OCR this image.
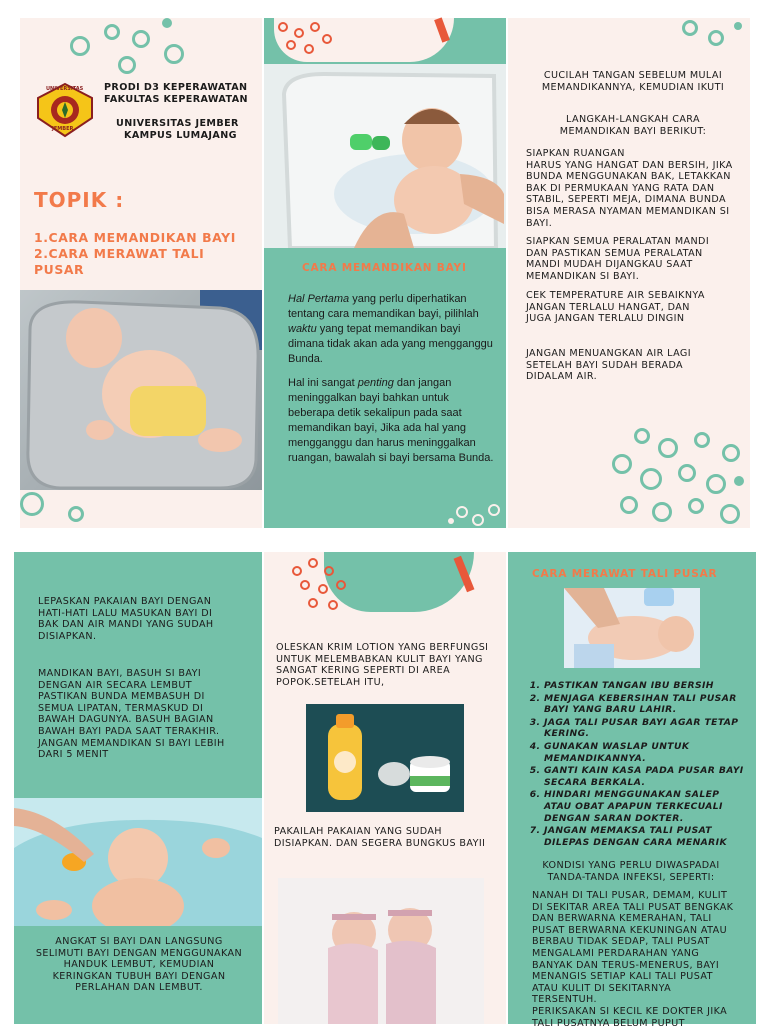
UNIVERSITAS
JEMBER
PRODI D3 KEPERAWATAN
FAKULTAS KEPERAWATAN
UNIVERSITAS JEMBER
KAMPUS LUMAJANG
TOPIK :
1.CARA MEMANDIKAN BAYI
2.CARA MERAWAT TALI PUSAR	CARA MEMANDIKAN BAYI
Hal Pertama yang perlu diperhatikan tentang cara memandikan bayi, pilihlah waktu yang tepat memandikan bayi dimana tidak akan ada yang mengganggu Bunda.
Hal ini sangat penting dan jangan meninggalkan bayi bahkan untuk beberapa detik sekalipun pada saat memandikan bayi, Jika ada hal yang mengganggu dan harus meninggalkan ruangan, bawalah si bayi bersama Bunda.
CUCILAH TANGAN SEBELUM MULAI MEMANDIKANNYA, KEMUDIAN IKUTI
LANGKAH-LANGKAH CARA MEMANDIKAN BAYI BERIKUT:
SIAPKAN RUANGAN
HARUS YANG HANGAT DAN BERSIH, JIKA BUNDA MENGGUNAKAN BAK, LETAKKAN BAK DI PERMUKAAN YANG RATA DAN STABIL, SEPERTI MEJA, DIMANA BUNDA BISA MERASA NYAMAN MEMANDIKAN SI BAYI.
SIAPKAN SEMUA PERALATAN MANDI DAN PASTIKAN SEMUA PERALATAN MANDI MUDAH DIJANGKAU SAAT MEMANDIKAN SI BAYI.
CEK TEMPERATURE AIR SEBAIKNYA JANGAN TERLALU HANGAT, DAN JUGA JANGAN TERLALU DINGIN
JANGAN MENUANGKAN AIR LAGI SETELAH BAYI SUDAH BERADA DIDALAM AIR.
LEPASKAN PAKAIAN BAYI DENGAN HATI-HATI LALU MASUKAN BAYI DI BAK DAN AIR MANDI YANG SUDAH DISIAPKAN.
MANDIKAN BAYI, BASUH SI BAYI DENGAN AIR SECARA LEMBUT PASTIKAN BUNDA MEMBASUH DI SEMUA LIPATAN, TERMASKUD DI BAWAH DAGUNYA. BASUH BAGIAN BAWAH BAYI PADA SAAT TERAKHIR.
JANGAN MEMANDIKAN SI BAYI LEBIH DARI 5 MENIT
ANGKAT SI BAYI DAN LANGSUNG SELIMUTI BAYI DENGAN MENGGUNAKAN HANDUK LEMBUT, KEMUDIAN KERINGKAN TUBUH BAYI DENGAN PERLAHAN DAN LEMBUT.
OLESKAN KRIM LOTION YANG BERFUNGSI UNTUK MELEMBABKAN KULIT BAYI YANG SANGAT KERING SEPERTI DI AREA POPOK.SETELAH ITU,
PAKAILAH PAKAIAN YANG SUDAH DISIAPKAN. DAN SEGERA BUNGKUS BAYII
CARA MERAWAT TALI PUSAR
1. PASTIKAN TANGAN IBU BERSIH
2. MENJAGA KEBERSIHAN TALI PUSAR BAYI YANG BARU LAHIR.
3. JAGA TALI PUSAR BAYI AGAR TETAP KERING.
4. GUNAKAN WASLAP UNTUK MEMANDIKANNYA.
5. GANTI KAIN KASA PADA PUSAR BAYI SECARA BERKALA.
6. HINDARI MENGGUNAKAN SALEP ATAU OBAT APAPUN TERKECUALI DENGAN SARAN DOKTER.
7. JANGAN MEMAKSA TALI PUSAT DILEPAS DENGAN CARA MENARIK
KONDISI YANG PERLU DIWASPADAI TANDA-TANDA INFEKSI, SEPERTI:
NANAH DI TALI PUSAR, DEMAM, KULIT DI SEKITAR AREA TALI PUSAT BENGKAK DAN BERWARNA KEMERAHAN, TALI PUSAT BERWARNA KEKUNINGAN ATAU BERBAU TIDAK SEDAP, TALI PUSAT MENGALAMI PERDARAHAN YANG BANYAK DAN TERUS-MENERUS, BAYI MENANGIS SETIAP KALI TALI PUSAT ATAU KULIT DI SEKITARNYA TERSENTUH.
PERIKSAKAN SI KECIL KE DOKTER JIKA TALI PUSATNYA BELUM PUPUT
